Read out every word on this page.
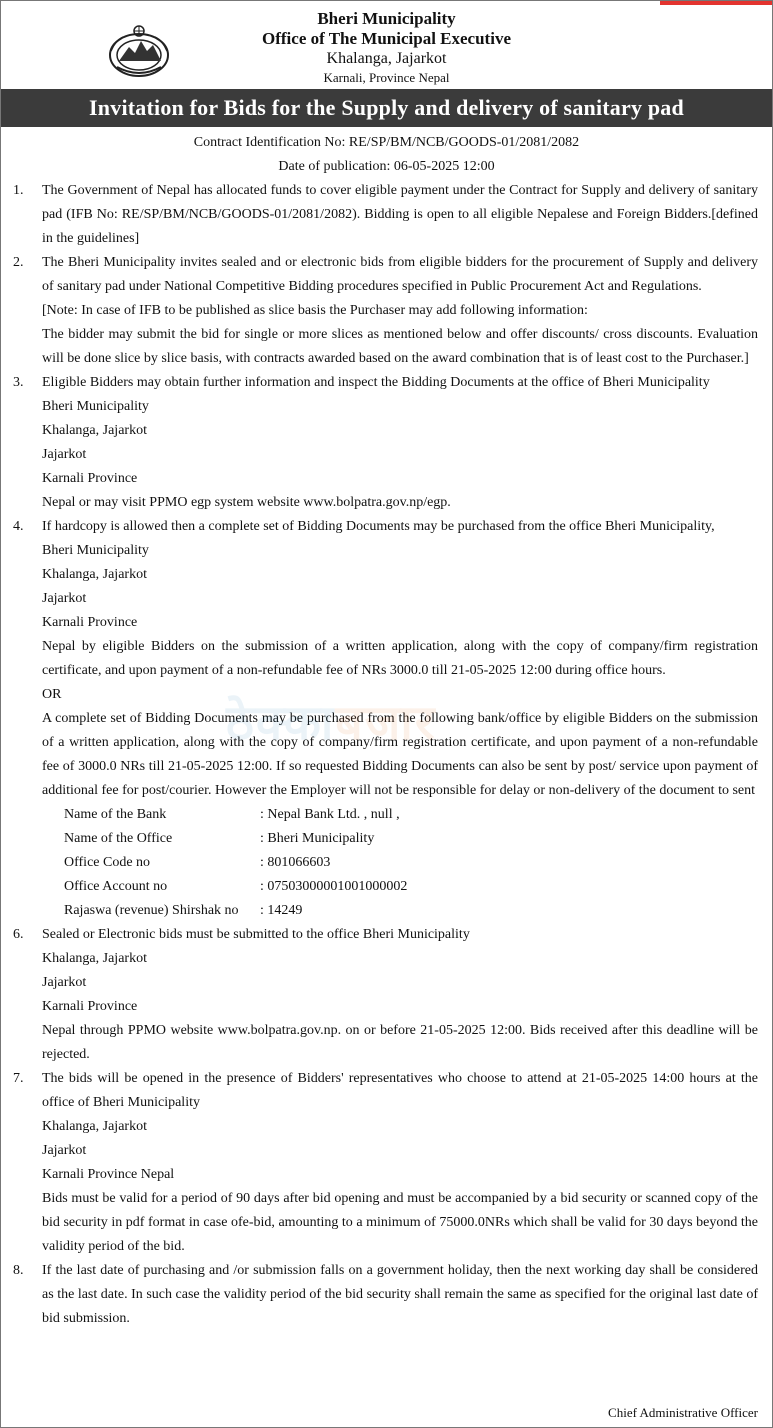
Bheri Municipality
Office of The Municipal Executive
Khalanga, Jajarkot
Karnali, Province Nepal
Invitation for Bids for the Supply and delivery of sanitary pad
Contract Identification No: RE/SP/BM/NCB/GOODS-01/2081/2082
Date of publication: 06-05-2025 12:00
1.	The Government of Nepal has allocated funds to cover eligible payment under the Contract for Supply and delivery of sanitary pad (IFB No: RE/SP/BM/NCB/GOODS-01/2081/2082). Bidding is open to all eligible Nepalese and Foreign Bidders.[defined in the guidelines]
2.	The Bheri Municipality invites sealed and or electronic bids from eligible bidders for the procurement of Supply and delivery of sanitary pad under National Competitive Bidding procedures specified in Public Procurement Act and Regulations.
[Note: In case of IFB to be published as slice basis the Purchaser may add following information:
The bidder may submit the bid for single or more slices as mentioned below and offer discounts/ cross discounts. Evaluation will be done slice by slice basis, with contracts awarded based on the award combination that is of least cost to the Purchaser.]
3.	Eligible Bidders may obtain further information and inspect the Bidding Documents at the office of Bheri Municipality
Bheri Municipality
Khalanga, Jajarkot
Jajarkot
Karnali Province
Nepal or may visit PPMO egp system website www.bolpatra.gov.np/egp.
4.	If hardcopy is allowed then a complete set of Bidding Documents may be purchased from the office Bheri Municipality,
Bheri Municipality
Khalanga, Jajarkot
Jajarkot
Karnali Province
Nepal by eligible Bidders on the submission of a written application, along with the copy of company/firm registration certificate, and upon payment of a non-refundable fee of NRs 3000.0 till 21-05-2025 12:00 during office hours.
OR
A complete set of Bidding Documents may be purchased from the following bank/office by eligible Bidders on the submission of a written application, along with the copy of company/firm registration certificate, and upon payment of a non-refundable fee of 3000.0 NRs till 21-05-2025 12:00. If so requested Bidding Documents can also be sent by post/ service upon payment of additional fee for post/courier. However the Employer will not be responsible for delay or non-delivery of the document to sent
Name of the Bank	: Nepal Bank Ltd. , null ,
Name of the Office	: Bheri Municipality
Office Code no	: 801066603
Office Account no	: 07503000001001000002
Rajaswa (revenue) Shirshak no	: 14249
6.	Sealed or Electronic bids must be submitted to the office Bheri Municipality
Khalanga, Jajarkot
Jajarkot
Karnali Province
Nepal through PPMO website www.bolpatra.gov.np. on or before 21-05-2025 12:00. Bids received after this deadline will be rejected.
7.	The bids will be opened in the presence of Bidders' representatives who choose to attend at 21-05-2025 14:00 hours at the office of Bheri Municipality
Khalanga, Jajarkot
Jajarkot
Karnali Province Nepal
Bids must be valid for a period of 90 days after bid opening and must be accompanied by a bid security or scanned copy of the bid security in pdf format in case ofe-bid, amounting to a minimum of 75000.0NRs which shall be valid for 30 days beyond the validity period of the bid.
8.	If the last date of purchasing and /or submission falls on a government holiday, then the next working day shall be considered as the last date. In such case the validity period of the bid security shall remain the same as specified for the original last date of bid submission.
ठेक्काबजार
Chief Administrative Officer
